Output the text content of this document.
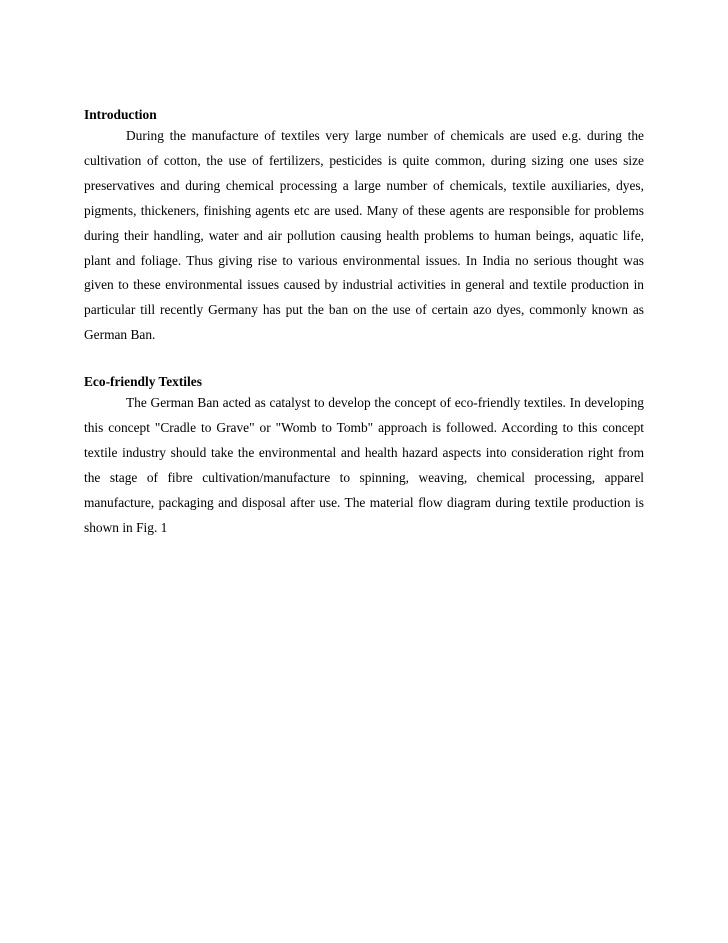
Introduction

During the manufacture of textiles very large number of chemicals are used e.g. during the cultivation of cotton, the use of fertilizers, pesticides is quite common, during sizing one uses size preservatives and during chemical processing a large number of chemicals, textile auxiliaries, dyes, pigments, thickeners, finishing agents etc are used. Many of these agents are responsible for problems during their handling, water and air pollution causing health problems to human beings, aquatic life, plant and foliage. Thus giving rise to various environmental issues. In India no serious thought was given to these environmental issues caused by industrial activities in general and textile production in particular till recently Germany has put the ban on the use of certain azo dyes, commonly known as German Ban.

Eco-friendly Textiles

The German Ban acted as catalyst to develop the concept of eco-friendly textiles. In developing this concept "Cradle to Grave" or "Womb to Tomb" approach is followed. According to this concept textile industry should take the environmental and health hazard aspects into consideration right from the stage of fibre cultivation/manufacture to spinning, weaving, chemical processing, apparel manufacture, packaging and disposal after use. The material flow diagram during textile production is shown in Fig. 1
